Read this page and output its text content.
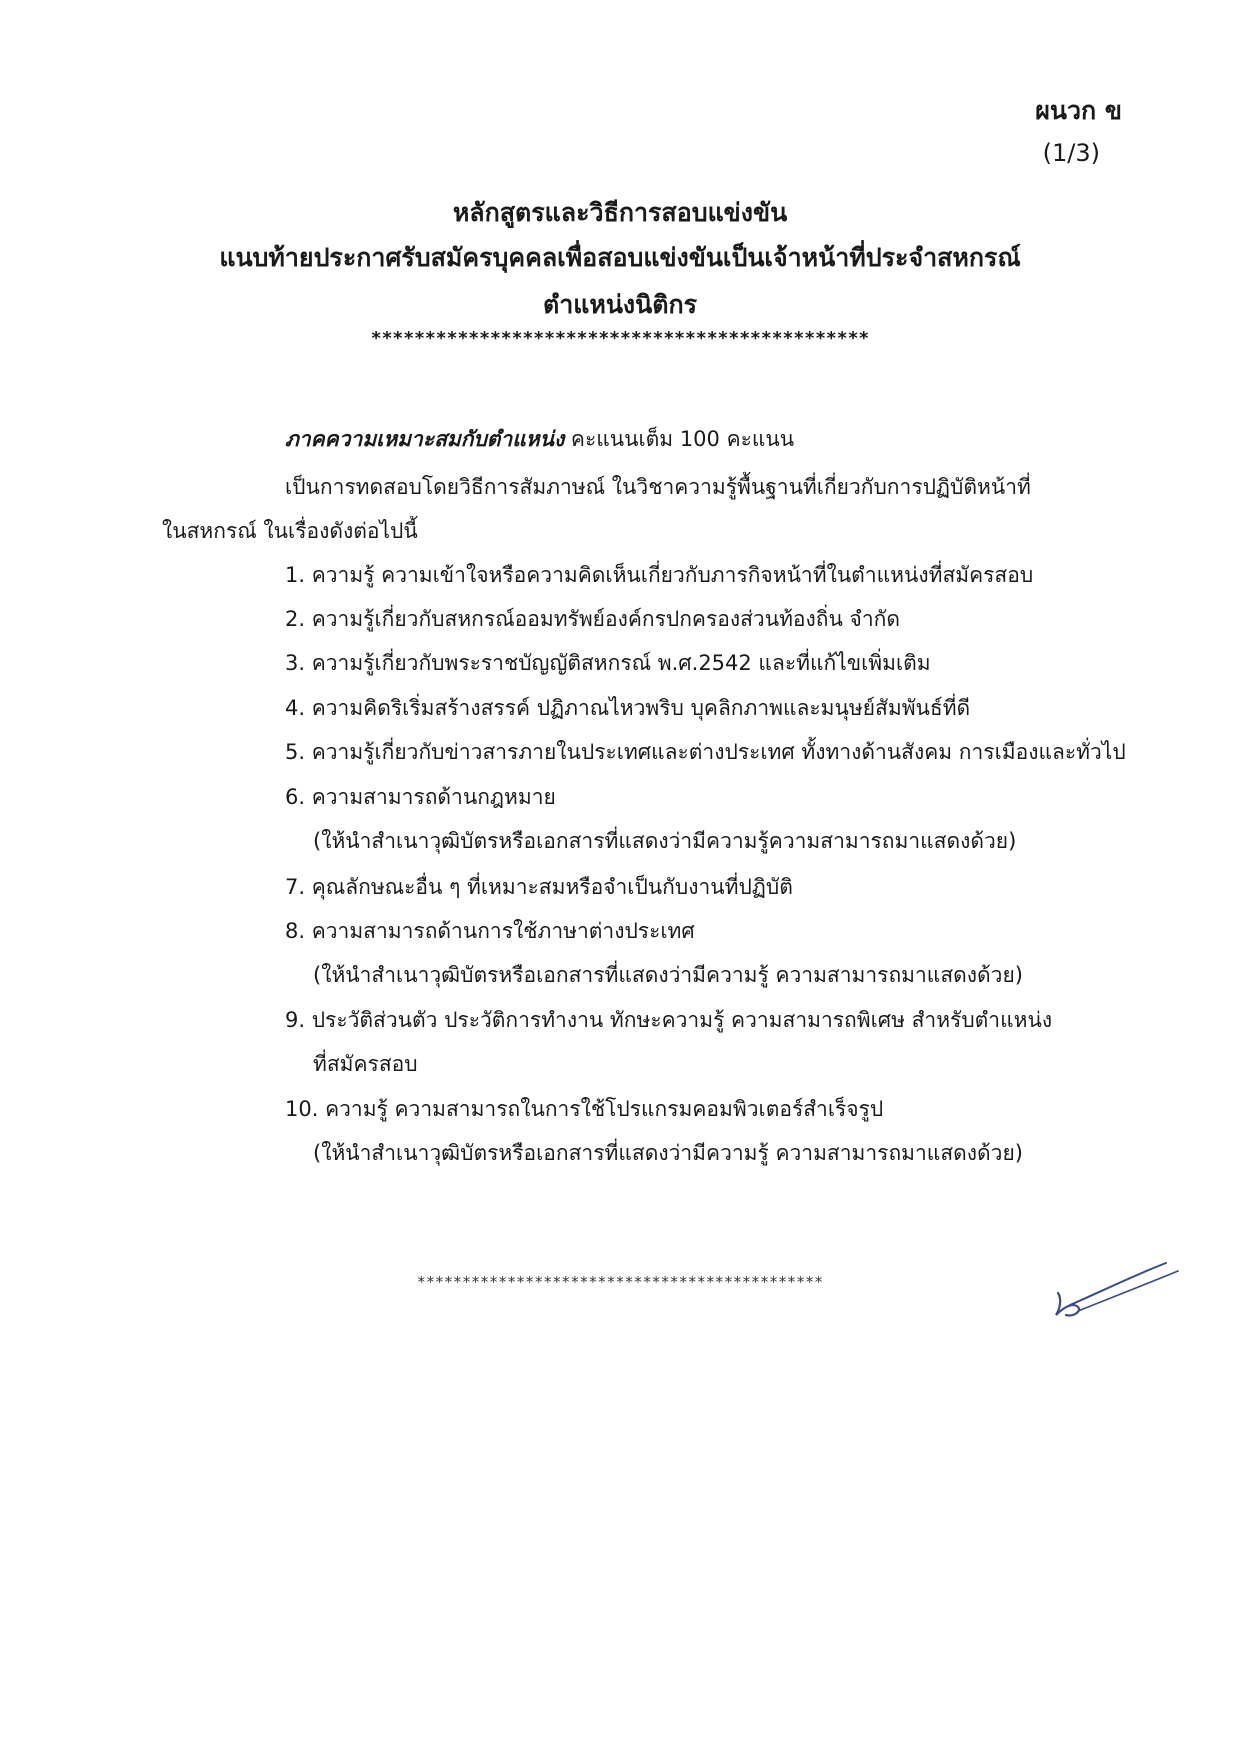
ผนวก ข
(1/3)
หลักสูตรและวิธีการสอบแข่งขัน
แนบท้ายประกาศรับสมัครบุคคลเพื่อสอบแข่งขันเป็นเจ้าหน้าที่ประจำสหกรณ์
ตำแหน่งนิติกร
**********************************************
ภาคความเหมาะสมกับตำแหน่ง คะแนนเต็ม 100 คะแนน
เป็นการทดสอบโดยวิธีการสัมภาษณ์ ในวิชาความรู้พื้นฐานที่เกี่ยวกับการปฏิบัติหน้าที่
ในสหกรณ์ ในเรื่องดังต่อไปนี้
1. ความรู้ ความเข้าใจหรือความคิดเห็นเกี่ยวกับภารกิจหน้าที่ในตำแหน่งที่สมัครสอบ
2. ความรู้เกี่ยวกับสหกรณ์ออมทรัพย์องค์กรปกครองส่วนท้องถิ่น จำกัด
3. ความรู้เกี่ยวกับพระราชบัญญัติสหกรณ์ พ.ศ.2542 และที่แก้ไขเพิ่มเติม
4. ความคิดริเริ่มสร้างสรรค์ ปฏิภาณไหวพริบ บุคลิกภาพและมนุษย์สัมพันธ์ที่ดี
5. ความรู้เกี่ยวกับข่าวสารภายในประเทศและต่างประเทศ ทั้งทางด้านสังคม การเมืองและทั่วไป
6. ความสามารถด้านกฎหมาย
(ให้นำสำเนาวุฒิบัตรหรือเอกสารที่แสดงว่ามีความรู้ความสามารถมาแสดงด้วย)
7. คุณลักษณะอื่น ๆ ที่เหมาะสมหรือจำเป็นกับงานที่ปฏิบัติ
8. ความสามารถด้านการใช้ภาษาต่างประเทศ
(ให้นำสำเนาวุฒิบัตรหรือเอกสารที่แสดงว่ามีความรู้ ความสามารถมาแสดงด้วย)
9. ประวัติส่วนตัว ประวัติการทำงาน ทักษะความรู้ ความสามารถพิเศษ สำหรับตำแหน่ง
ที่สมัครสอบ
10. ความรู้ ความสามารถในการใช้โปรแกรมคอมพิวเตอร์สำเร็จรูป
(ให้นำสำเนาวุฒิบัตรหรือเอกสารที่แสดงว่ามีความรู้ ความสามารถมาแสดงด้วย)
*********************************************
